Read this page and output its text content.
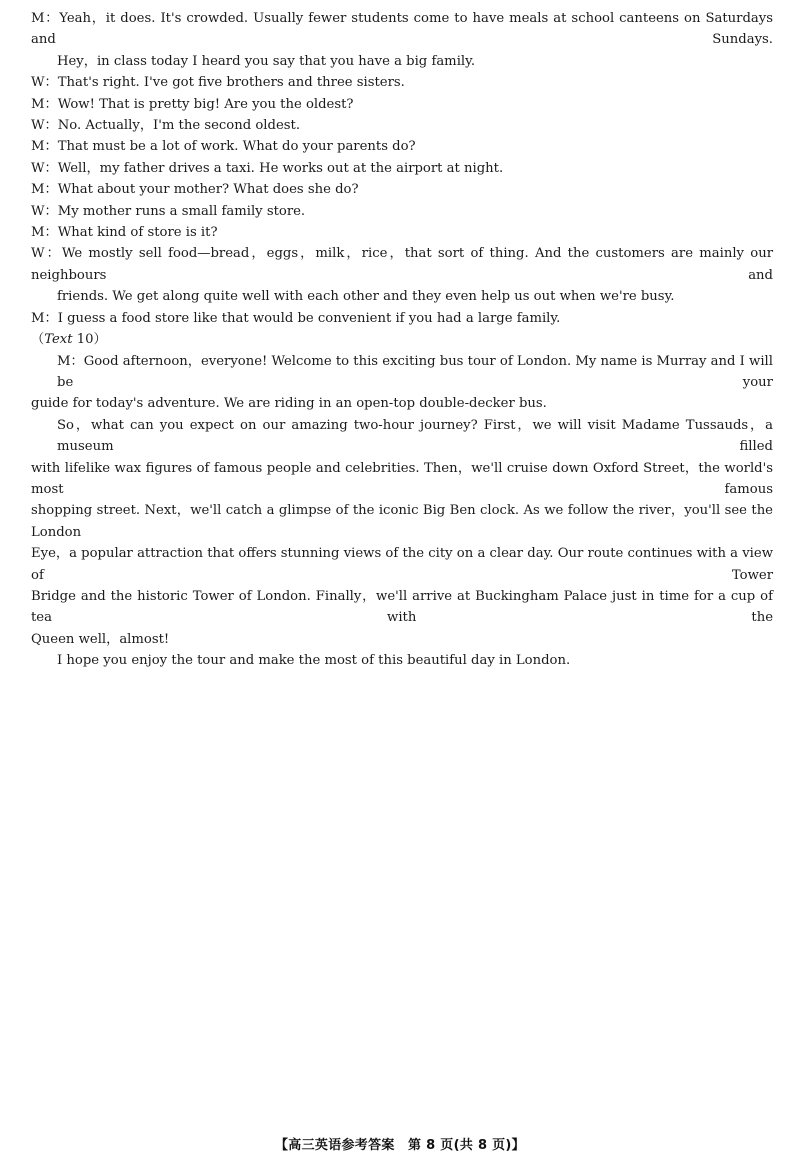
M：Yeah，it does. It's crowded. Usually fewer students come to have meals at school canteens on Saturdays and Sundays.
Hey，in class today I heard you say that you have a big family.
W：That's right. I've got five brothers and three sisters.
M：Wow! That is pretty big! Are you the oldest?
W：No. Actually，I'm the second oldest.
M：That must be a lot of work. What do your parents do?
W：Well，my father drives a taxi. He works out at the airport at night.
M：What about your mother? What does she do?
W：My mother runs a small family store.
M：What kind of store is it?
W：We mostly sell food—bread，eggs，milk，rice，that sort of thing. And the customers are mainly our neighbours and
friends. We get along quite well with each other and they even help us out when we're busy.
M：I guess a food store like that would be convenient if you had a large family.
（Text 10）
M：Good afternoon，everyone! Welcome to this exciting bus tour of London. My name is Murray and I will be your
guide for today's adventure. We are riding in an open-top double-decker bus.
So，what can you expect on our amazing two-hour journey? First，we will visit Madame Tussauds，a museum filled
with lifelike wax figures of famous people and celebrities. Then，we'll cruise down Oxford Street，the world's most famous
shopping street. Next，we'll catch a glimpse of the iconic Big Ben clock. As we follow the river，you'll see the London
Eye，a popular attraction that offers stunning views of the city on a clear day. Our route continues with a view of Tower
Bridge and the historic Tower of London. Finally，we'll arrive at Buckingham Palace just in time for a cup of tea with the
Queen well，almost!
I hope you enjoy the tour and make the most of this beautiful day in London.
【高三英语参考答案　第 8 页(共 8 页)】
